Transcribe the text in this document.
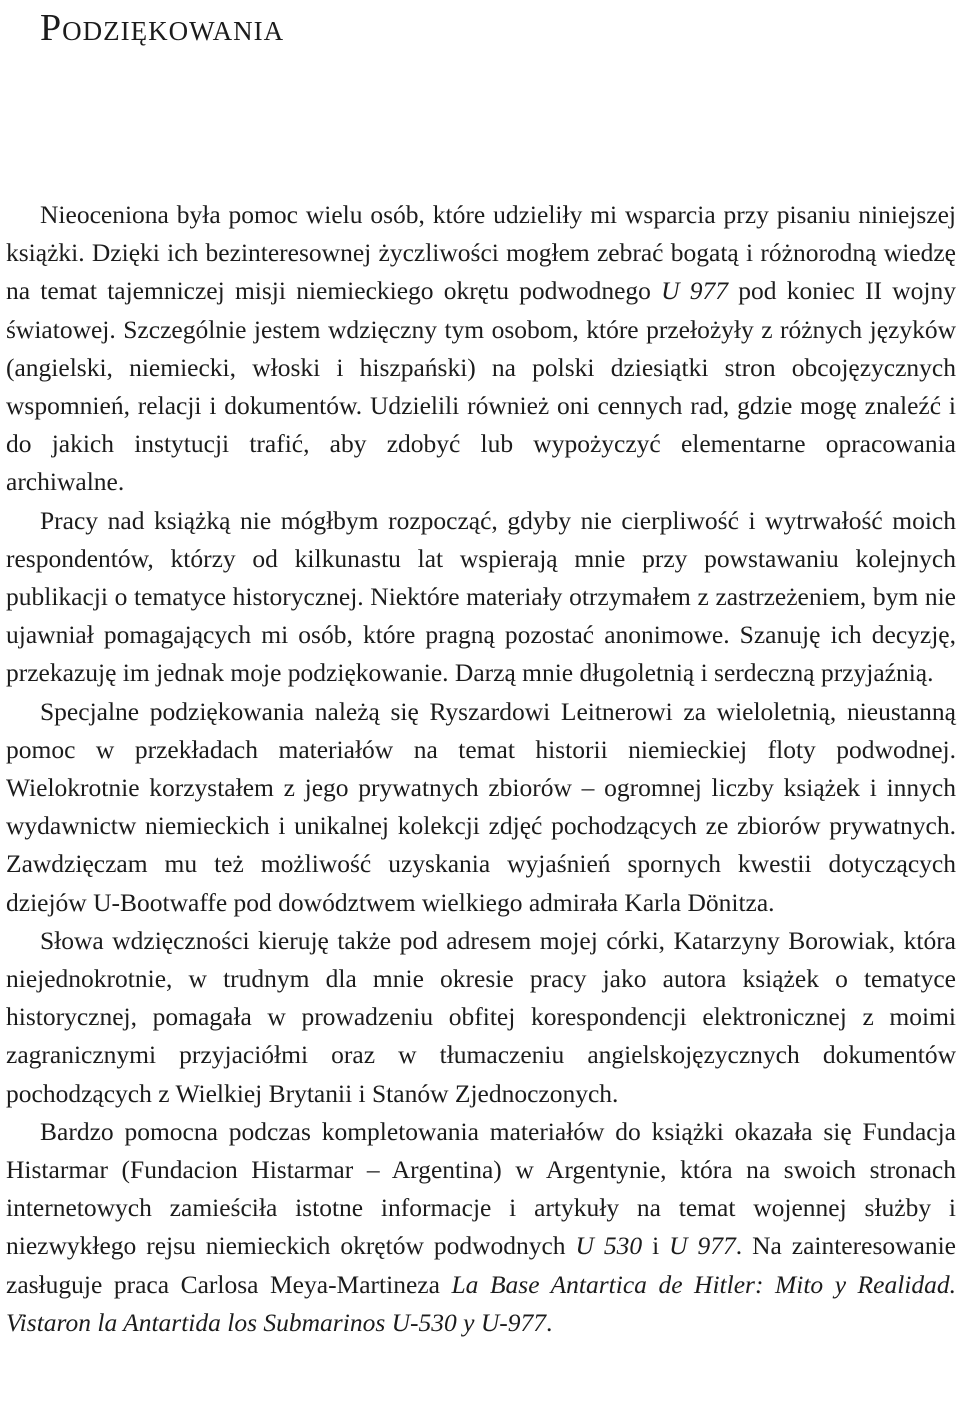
Podziękowania

Nieoceniona była pomoc wielu osób, które udzieliły mi wsparcia przy pisaniu niniejszej książki. Dzięki ich bezinteresownej życzliwości mogłem zebrać bogatą i różnorodną wiedzę na temat tajemniczej misji niemieckiego okrętu podwodnego U 977 pod koniec II wojny światowej. Szczególnie jestem wdzięczny tym osobom, które przełożyły z różnych języków (angielski, niemiecki, włoski i hiszpański) na polski dziesiątki stron obcojęzycznych wspomnień, relacji i dokumentów. Udzielili również oni cennych rad, gdzie mogę znaleźć i do jakich instytucji trafić, aby zdobyć lub wypożyczyć elementarne opracowania archiwalne.

Pracy nad książką nie mógłbym rozpocząć, gdyby nie cierpliwość i wytrwałość moich respondentów, którzy od kilkunastu lat wspierają mnie przy powstawaniu kolejnych publikacji o tematyce historycznej. Niektóre materiały otrzymałem z zastrzeżeniem, bym nie ujawniał pomagających mi osób, które pragną pozostać anonimowe. Szanuję ich decyzję, przekazuję im jednak moje podziękowanie. Darzą mnie długoletnią i serdeczną przyjaźnią.

Specjalne podziękowania należą się Ryszardowi Leitnerowi za wieloletnią, nieustanną pomoc w przekładach materiałów na temat historii niemieckiej floty podwodnej. Wielokrotnie korzystałem z jego prywatnych zbiorów – ogromnej liczby książek i innych wydawnictw niemieckich i unikalnej kolekcji zdjęć pochodzących ze zbiorów prywatnych. Zawdzięczam mu też możliwość uzyskania wyjaśnień spornych kwestii dotyczących dziejów U-Bootwaffe pod dowództwem wielkiego admirała Karla Dönitza.

Słowa wdzięczności kieruję także pod adresem mojej córki, Katarzyny Borowiak, która niejednokrotnie, w trudnym dla mnie okresie pracy jako autora książek o tematyce historycznej, pomagała w prowadzeniu obfitej korespondencji elektronicznej z moimi zagranicznymi przyjaciółmi oraz w tłumaczeniu angielskojęzycznych dokumentów pochodzących z Wielkiej Brytanii i Stanów Zjednoczonych.

Bardzo pomocna podczas kompletowania materiałów do książki okazała się Fundacja Histarmar (Fundacion Histarmar – Argentina) w Argentynie, która na swoich stronach internetowych zamieściła istotne informacje i artykuły na temat wojennej służby i niezwykłego rejsu niemieckich okrętów podwodnych U 530 i U 977. Na zainteresowanie zasługuje praca Carlosa Meya-Martineza La Base Antartica de Hitler: Mito y Realidad. Vistaron la Antartida los Submarinos U-530 y U-977.
